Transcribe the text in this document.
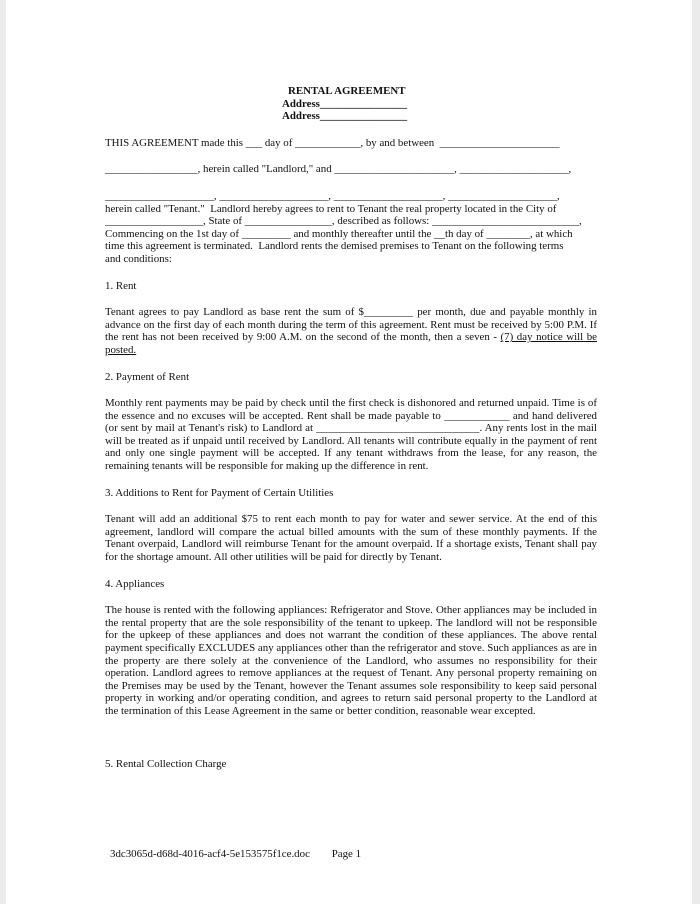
RENTAL AGREEMENT

Address________________

Address________________

THIS AGREEMENT made this ___ day of ____________, by and between  ______________________

_________________, herein called "Landlord," and ______________________, ____________________,

____________________, ____________________, ____________________, ____________________,

herein called "Tenant."  Landlord hereby agrees to rent to Tenant the real property located in the City of

__________________, State of ________________, described as follows: ___________________________,

Commencing on the 1st day of _________ and monthly thereafter until the __th day of ________, at which

time this agreement is terminated.  Landlord rents the demised premises to Tenant on the following terms

and conditions:

1. Rent

Tenant agrees to pay Landlord as base rent the sum of $_________ per month, due and payable monthly in advance on the first day of each month during the term of this agreement. Rent must be received by 5:00 P.M. If the rent has not been received by 9:00 A.M. on the second of the month, then a seven - (7) day notice will be posted.

2. Payment of Rent

Monthly rent payments may be paid by check until the first check is dishonored and returned unpaid. Time is of the essence and no excuses will be accepted. Rent shall be made payable to ____________ and hand delivered (or sent by mail at Tenant's risk) to Landlord at ______________________________. Any rents lost in the mail will be treated as if unpaid until received by Landlord. All tenants will contribute equally in the payment of rent and only one single payment will be accepted. If any tenant withdraws from the lease, for any reason, the remaining tenants will be responsible for making up the difference in rent.

3. Additions to Rent for Payment of Certain Utilities

Tenant will add an additional $75 to rent each month to pay for water and sewer service. At the end of this agreement, landlord will compare the actual billed amounts with the sum of these monthly payments. If the Tenant overpaid, Landlord will reimburse Tenant for the amount overpaid. If a shortage exists, Tenant shall pay for the shortage amount. All other utilities will be paid for directly by Tenant.

4. Appliances

The house is rented with the following appliances: Refrigerator and Stove. Other appliances may be included in the rental property that are the sole responsibility of the tenant to upkeep. The landlord will not be responsible for the upkeep of these appliances and does not warrant the condition of these appliances. The above rental payment specifically EXCLUDES any appliances other than the refrigerator and stove. Such appliances as are in the property are there solely at the convenience of the Landlord, who assumes no responsibility for their operation. Landlord agrees to remove appliances at the request of Tenant. Any personal property remaining on the Premises may be used by the Tenant, however the Tenant assumes sole responsibility to keep said personal property in working and/or operating condition, and agrees to return said personal property to the Landlord at the termination of this Lease Agreement in the same or better condition, reasonable wear excepted.

5. Rental Collection Charge

3dc3065d-d68d-4016-acf4-5e153575f1ce.doc Page 1
